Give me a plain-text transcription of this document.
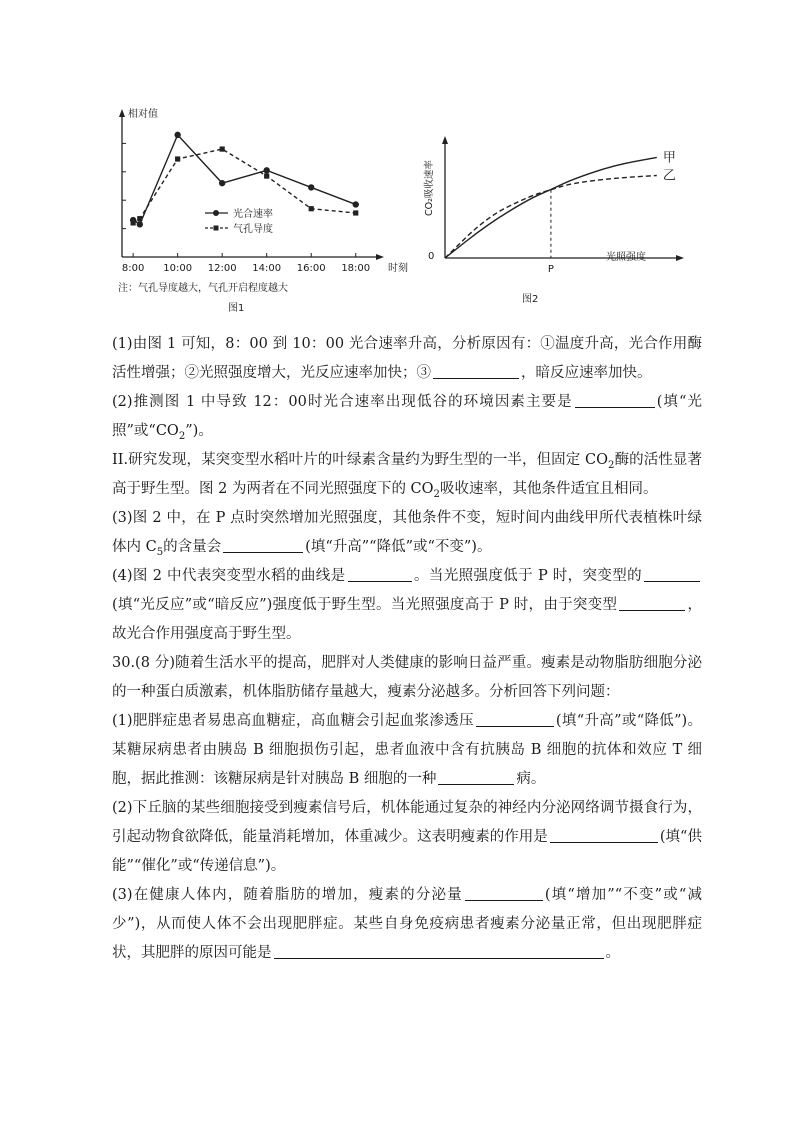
相对值
时刻
8:00 10:00 12:00 14:00 16:00 18:00
光合速率
气孔导度
注：气孔导度越大，气孔开启程度越大
图1
CO₂吸收速率
光照强度
0
甲
乙
P
图2

(1)由图 1 可知，8：00 到 10：00 光合速率升高，分析原因有：①温度升高，光合作用酶活性增强；②光照强度增大，光反应速率加快；③	，暗反应速率加快。

(2)推测图 1 中导致 12：00时光合速率出现低谷的环境因素主要是	(填“光照”或“$CO_2$”)。

II.研究发现，某突变型水稻叶片的叶绿素含量约为野生型的一半，但固定 $CO_2$酶的活性显著高于野生型。图 2 为两者在不同光照强度下的 $CO_2$吸收速率，其他条件适宜且相同。

(3)图 2 中，在 P 点时突然增加光照强度，其他条件不变，短时间内曲线甲所代表植株叶绿体内 $C_5$的含量会	(填“升高”“降低”或“不变”)。

(4)图 2 中代表突变型水稻的曲线是	。当光照强度低于 P 时，突变型的(填“光反应”或“暗反应”)强度低于野生型。当光照强度高于 P 时，由于突变型	，故光合作用强度高于野生型。

30.(8 分)随着生活水平的提高，肥胖对人类健康的影响日益严重。瘦素是动物脂肪细胞分泌的一种蛋白质激素，机体脂肪储存量越大，瘦素分泌越多。分析回答下列问题：

(1)肥胖症患者易患高血糖症，高血糖会引起血浆渗透压	(填“升高”或“降低”)。某糖尿病患者由胰岛 B 细胞损伤引起，患者血液中含有抗胰岛 B 细胞的抗体和效应 T 细胞，据此推测：该糖尿病是针对胰岛 B 细胞的一种	病。

(2)下丘脑的某些细胞接受到瘦素信号后，机体能通过复杂的神经内分泌网络调节摄食行为，引起动物食欲降低，能量消耗增加，体重减少。这表明瘦素的作用是	(填“供能”“催化”或“传递信息”)。

(3)在健康人体内，随着脂肪的增加，瘦素的分泌量	(填“增加”“不变”或“减少”)，从而使人体不会出现肥胖症。某些自身免疫病患者瘦素分泌量正常，但出现肥胖症状，其肥胖的原因可能是	。
